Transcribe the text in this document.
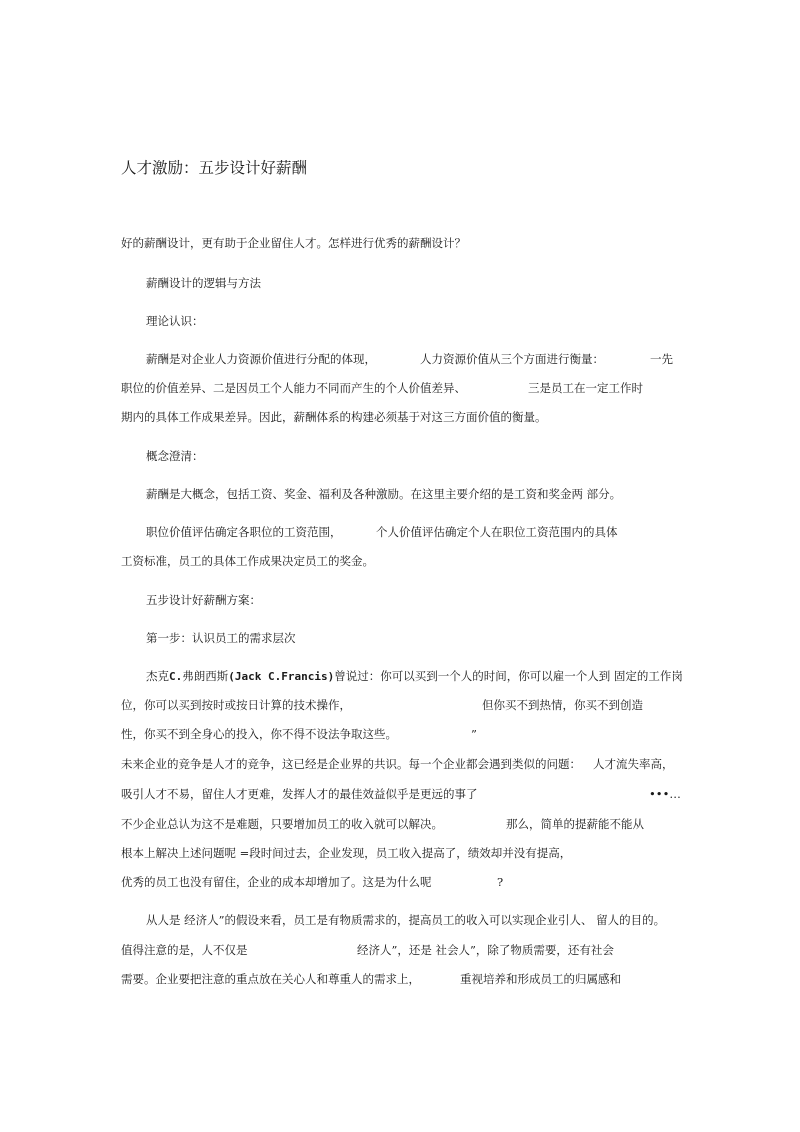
人才激励：五步设计好薪酬
好的薪酬设计，更有助于企业留住人才。怎样进行优秀的薪酬设计？
薪酬设计的逻辑与方法
理论认识：
薪酬是对企业人力资源价值进行分配的体现，	人力资源价值从三个方面进行衡量：	一先
职位的价值差异、二是因员工个人能力不同而产生的个人价值差异、	三是员工在一定工作时
期内的具体工作成果差异。因此，薪酬体系的构建必须基于对这三方面价值的衡量。
概念澄清：
薪酬是大概念，包括工资、奖金、福利及各种激励。在这里主要介绍的是工资和奖金两 部分。
职位价值评估确定各职位的工资范围，	个人价值评估确定个人在职位工资范围内的具体
工资标准，员工的具体工作成果决定员工的奖金。
五步设计好薪酬方案：
第一步：认识员工的需求层次
杰克C.弗朗西斯(Jack C.Francis)曾说过：你可以买到一个人的时间，你可以雇一个人到 固定的工作岗
位，你可以买到按时或按日计算的技术操作，	但你买不到热情，你买不到创造
性，你买不到全身心的投入，你不得不设法争取这些。	”
未来企业的竞争是人才的竞争，这已经是企业界的共识。每一个企业都会遇到类似的问题： 人才流失率高，
吸引人才不易，留住人才更难，发挥人才的最佳效益似乎是更远的事了	•••…
不少企业总认为这不是难题，只要增加员工的收入就可以解决。	那么，简单的提薪能不能从
根本上解决上述问题呢 =段时间过去，企业发现，员工收入提高了，绩效却并没有提高，
优秀的员工也没有留住，企业的成本却增加了。这是为什么呢	?
从人是 经济人”的假设来看，员工是有物质需求的，提高员工的收入可以实现企业引人、 留人的目的。
值得注意的是，人不仅是	经济人”，还是 社会人”，除了物质需要，还有社会
需要。企业要把注意的重点放在关心人和尊重人的需求上，	重视培养和形成员工的归属感和
